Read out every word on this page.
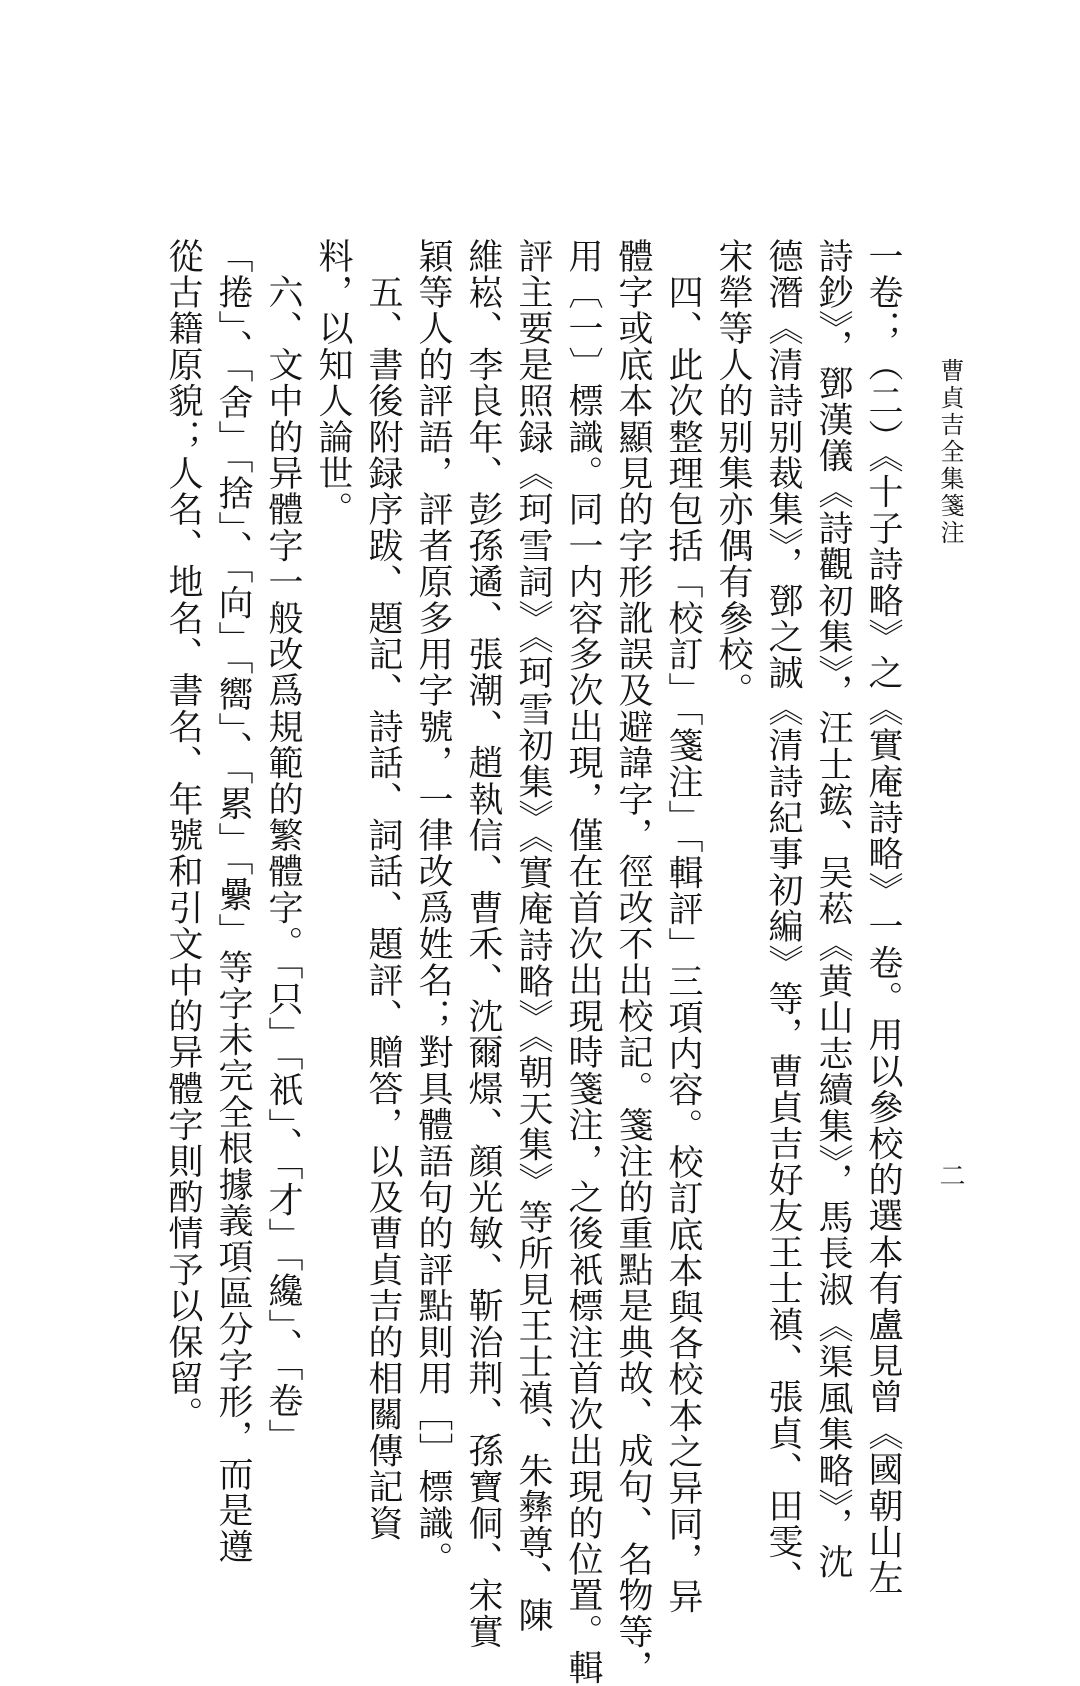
曹貞吉全集箋注
二
一卷；（二）《十子詩略》之《實庵詩略》一卷。用以參校的選本有盧見曾《國朝山左
詩鈔》，鄧漢儀《詩觀初集》，汪士鋐、吴菘《黄山志續集》，馬長淑《渠風集略》，沈
德潛《清詩别裁集》，鄧之誠《清詩紀事初編》等，曹貞吉好友王士禛、張貞、田雯、
宋犖等人的别集亦偶有參校。
　四、此次整理包括「校訂」「箋注」「輯評」三項内容。校訂底本與各校本之异同，异
體字或底本顯見的字形訛誤及避諱字，徑改不出校記。箋注的重點是典故、成句、名物等，
用〔一〕標識。同一内容多次出現，僅在首次出現時箋注，之後衹標注首次出現的位置。輯
評主要是照録《珂雪詞》《珂雪初集》《實庵詩略》《朝天集》等所見王士禛、朱彝尊、陳
維崧、李良年、彭孫遹、張潮、趙執信、曹禾、沈爾燝、顔光敏、靳治荆、孫寶侗、宋實
穎等人的評語，評者原多用字號，一律改爲姓名；對具體語句的評點則用［］標識。
　五、書後附録序跋、題記、詩話、詞話、題評、贈答，以及曹貞吉的相關傳記資
料，以知人論世。
　六、文中的异體字一般改爲規範的繁體字。「只」「祇」、「才」「纔」、「卷」
「捲」、「舍」「捨」、「向」「嚮」、「累」「纍」等字未完全根據義項區分字形，而是遵
從古籍原貌；人名、地名、書名、年號和引文中的异體字則酌情予以保留。
